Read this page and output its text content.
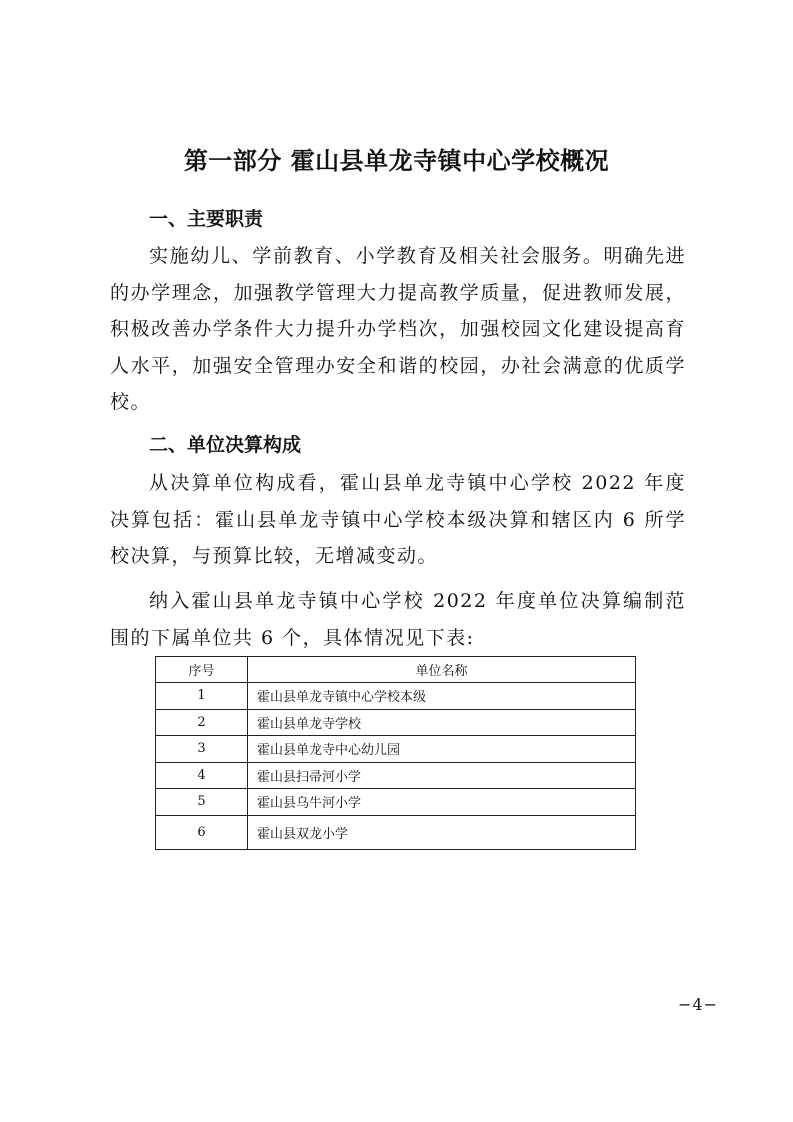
第一部分 霍山县单龙寺镇中心学校概况
一、主要职责

实施幼儿、学前教育、小学教育及相关社会服务。明确先进的办学理念，加强教学管理大力提高教学质量，促进教师发展，积极改善办学条件大力提升办学档次，加强校园文化建设提高育人水平，加强安全管理办安全和谐的校园，办社会满意的优质学校。

二、单位决算构成

从决算单位构成看，霍山县单龙寺镇中心学校 2022 年度决算包括：霍山县单龙寺镇中心学校本级决算和辖区内 6 所学校决算，与预算比较，无增减变动。

纳入霍山县单龙寺镇中心学校 2022 年度单位决算编制范围的下属单位共 6 个，具体情况见下表:

序号	单位名称
1	霍山县单龙寺镇中心学校本级
2	霍山县单龙寺学校
3	霍山县单龙寺中心幼儿园
4	霍山县扫帚河小学
5	霍山县乌牛河小学
6	霍山县双龙小学
−4−
